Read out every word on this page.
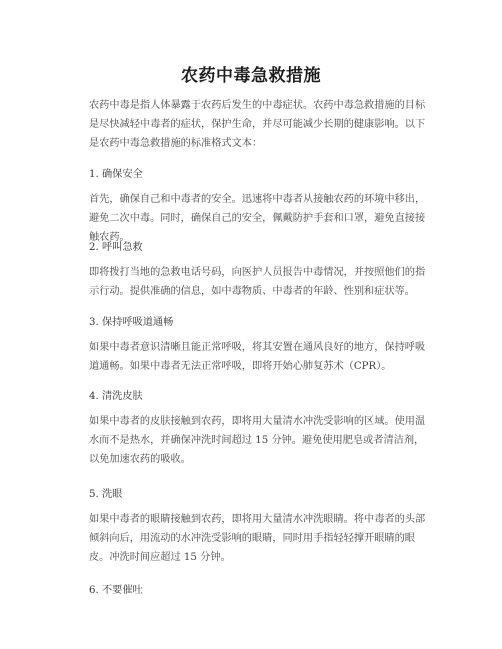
农药中毒急救措施

农药中毒是指人体暴露于农药后发生的中毒症状。农药中毒急救措施的目标是尽快减轻中毒者的症状，保护生命，并尽可能减少长期的健康影响。以下是农药中毒急救措施的标准格式文本：

1. 确保安全

首先，确保自己和中毒者的安全。迅速将中毒者从接触农药的环境中移出，避免二次中毒。同时，确保自己的安全，佩戴防护手套和口罩，避免直接接触农药。

2. 呼叫急救

即将拨打当地的急救电话号码，向医护人员报告中毒情况，并按照他们的指示行动。提供准确的信息，如中毒物质、中毒者的年龄、性别和症状等。

3. 保持呼吸道通畅

如果中毒者意识清晰且能正常呼吸，将其安置在通风良好的地方，保持呼吸道通畅。如果中毒者无法正常呼吸，即将开始心肺复苏术（CPR）。

4. 清洗皮肤

如果中毒者的皮肤接触到农药，即将用大量清水冲洗受影响的区域。使用温水而不是热水，并确保冲洗时间超过 15 分钟。避免使用肥皂或者清洁剂，以免加速农药的吸收。

5. 洗眼

如果中毒者的眼睛接触到农药，即将用大量清水冲洗眼睛。将中毒者的头部倾斜向后，用流动的水冲洗受影响的眼睛，同时用手指轻轻撑开眼睛的眼皮。冲洗时间应超过 15 分钟。

6. 不要催吐
